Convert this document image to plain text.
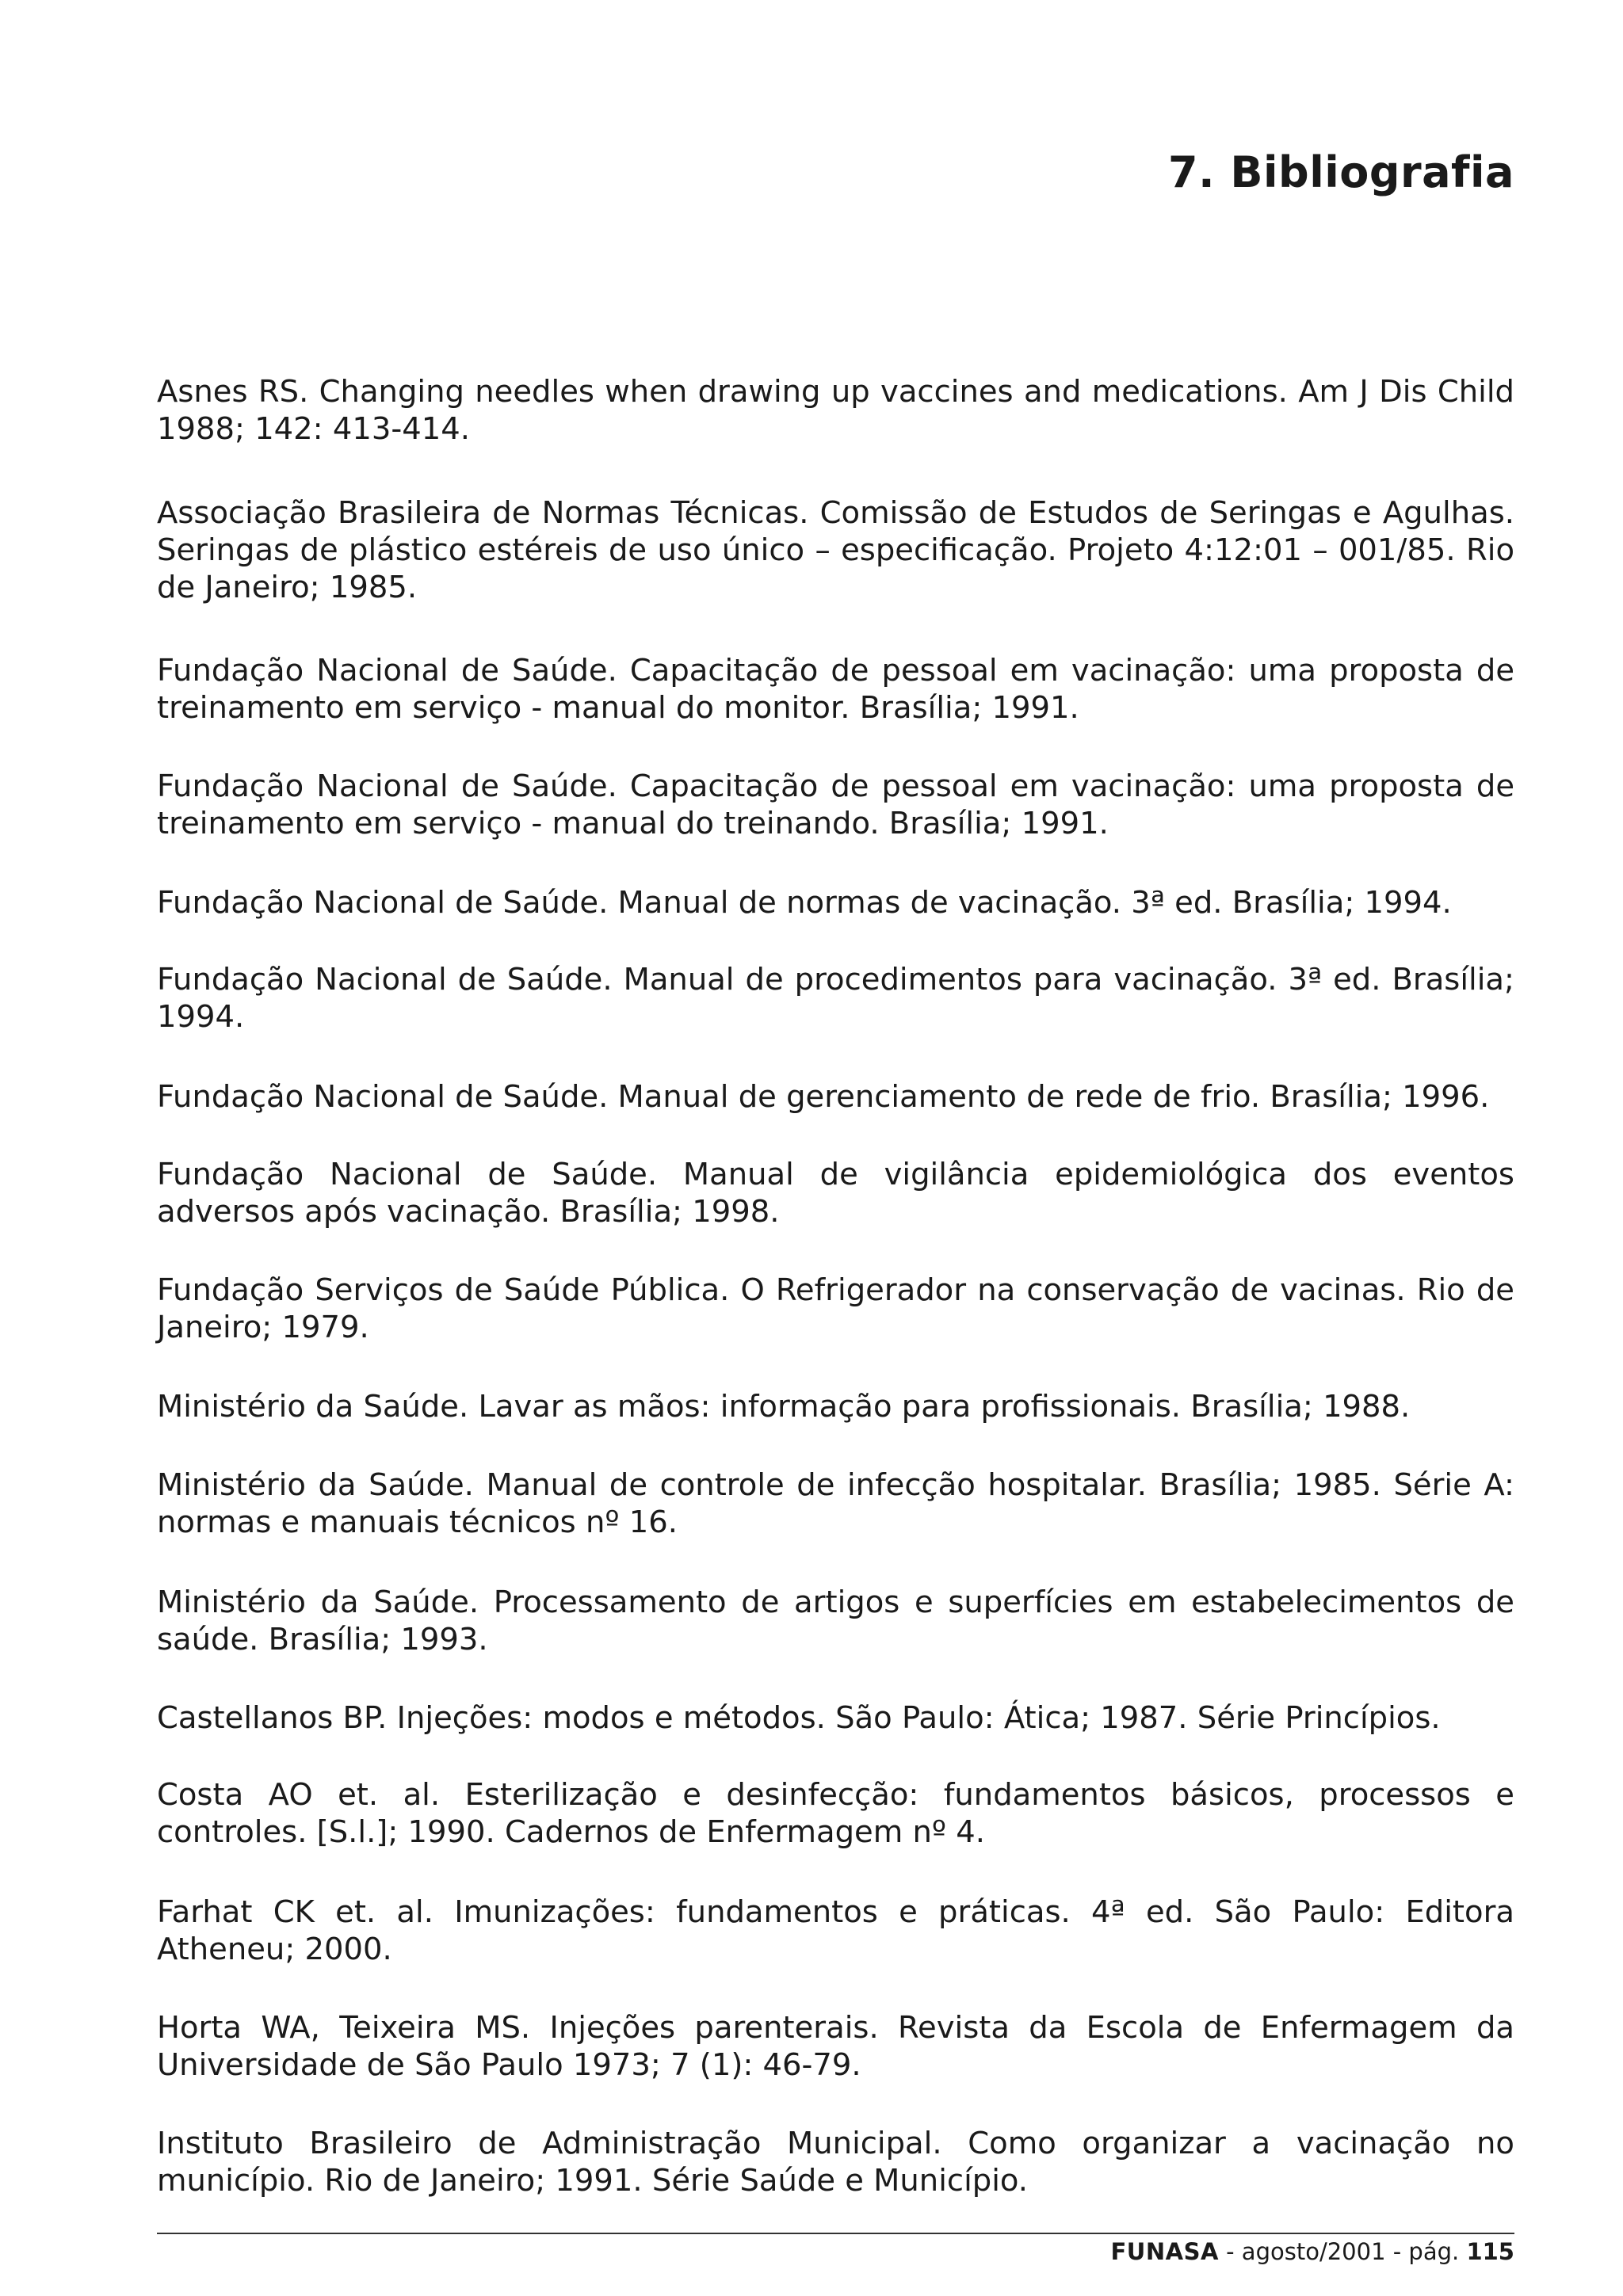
7. Bibliografia

Asnes RS. Changing needles when drawing up vaccines and medications. Am J Dis Child 1988; 142: 413-414.

Associação Brasileira de Normas Técnicas. Comissão de Estudos de Seringas e Agulhas. Seringas de plástico estéreis de uso único – especificação. Projeto 4:12:01 – 001/85. Rio de Janeiro; 1985.

Fundação Nacional de Saúde. Capacitação de pessoal em vacinação: uma proposta de treinamento em serviço - manual do monitor. Brasília; 1991.

Fundação Nacional de Saúde. Capacitação de pessoal em vacinação: uma proposta de treinamento em serviço - manual do treinando. Brasília; 1991.

Fundação Nacional de Saúde. Manual de normas de vacinação. 3ª ed. Brasília; 1994.

Fundação Nacional de Saúde. Manual de procedimentos para vacinação. 3ª ed. Brasília; 1994.

Fundação Nacional de Saúde. Manual de gerenciamento de rede de frio. Brasília; 1996.

Fundação Nacional de Saúde. Manual de vigilância epidemiológica dos eventos adversos após vacinação. Brasília; 1998.

Fundação Serviços de Saúde Pública. O Refrigerador na conservação de vacinas. Rio de Janeiro; 1979.

Ministério da Saúde. Lavar as mãos: informação para profissionais. Brasília; 1988.

Ministério da Saúde. Manual de controle de infecção hospitalar. Brasília; 1985. Série A: normas e manuais técnicos nº 16.

Ministério da Saúde. Processamento de artigos e superfícies em estabelecimentos de saúde. Brasília; 1993.

Castellanos BP. Injeções: modos e métodos. São Paulo: Ática; 1987. Série Princípios.

Costa AO et. al. Esterilização e desinfecção: fundamentos básicos, processos e controles. [S.l.]; 1990. Cadernos de Enfermagem nº 4.

Farhat CK et. al. Imunizações: fundamentos e práticas. 4ª ed. São Paulo: Editora Atheneu; 2000.

Horta WA, Teixeira MS. Injeções parenterais. Revista da Escola de Enfermagem da Universidade de São Paulo 1973; 7 (1): 46-79.

Instituto Brasileiro de Administração Municipal. Como organizar a vacinação no município. Rio de Janeiro; 1991. Série Saúde e Município.

FUNASA - agosto/2001 - pág. 115
